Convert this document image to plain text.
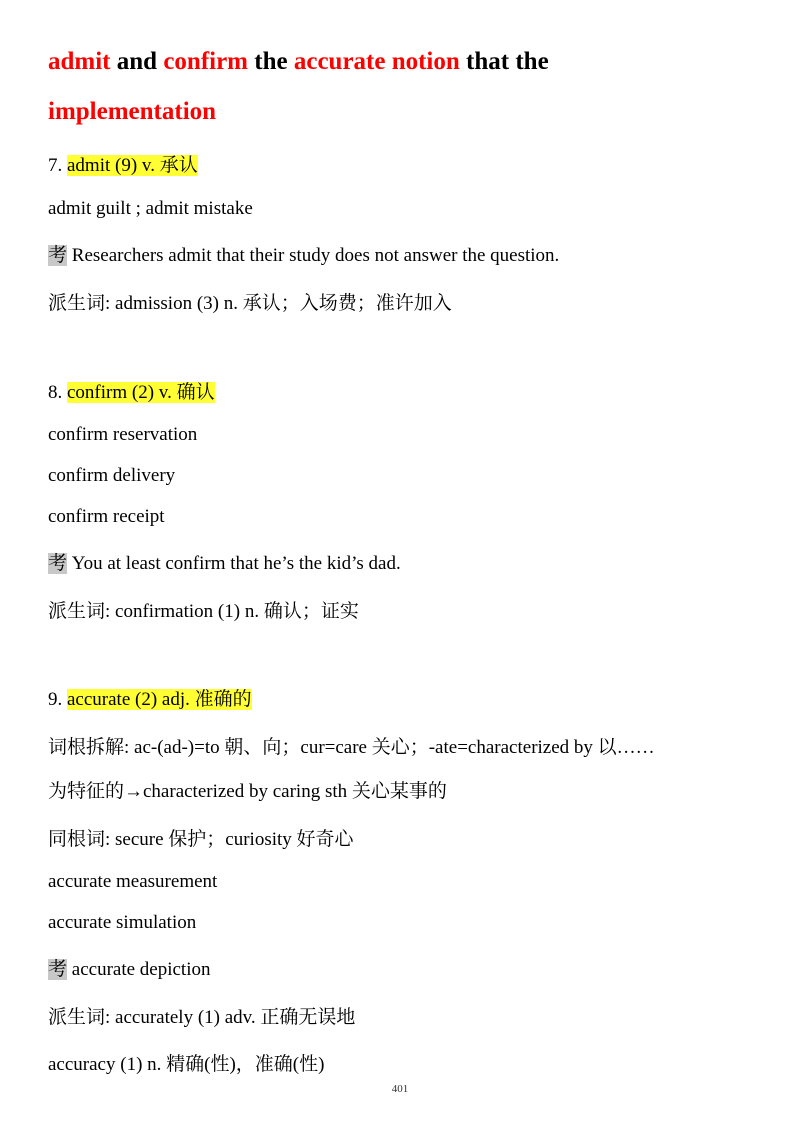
admit and confirm the accurate notion that the
implementation
7. admit (9) v. 承认
admit guilt ; admit mistake
考 Researchers admit that their study does not answer the question.
派生词: admission (3) n. 承认；入场费；准许加入
8. confirm (2) v. 确认
confirm reservation
confirm delivery
confirm receipt
考 You at least confirm that he’s the kid’s dad.
派生词: confirmation (1) n. 确认；证实
9. accurate (2) adj. 准确的
词根拆解: ac-(ad-)=to 朝、向；cur=care 关心；-ate=characterized by 以……
为特征的→characterized by caring sth 关心某事的
同根词: secure 保护；curiosity 好奇心
accurate measurement
accurate simulation
考 accurate depiction
派生词: accurately (1) adv. 正确无误地
accuracy (1) n. 精确(性)，准确(性)
401
